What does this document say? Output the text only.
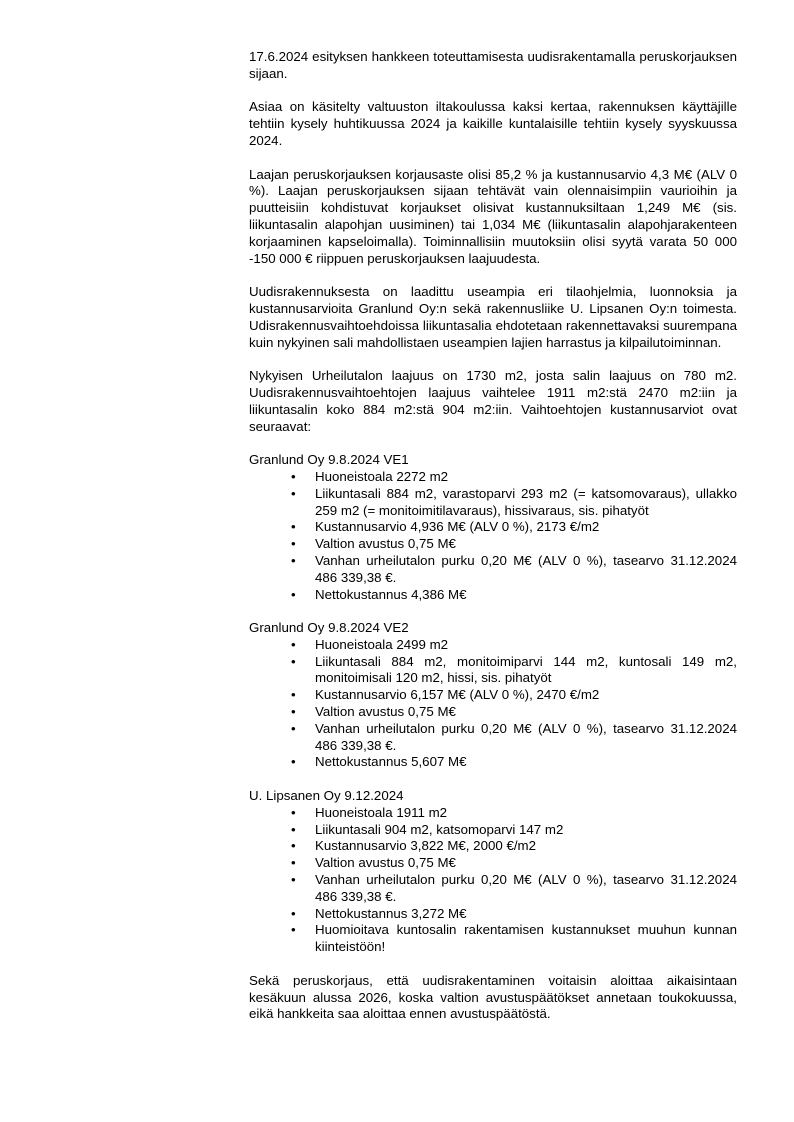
17.6.2024 esityksen hankkeen toteuttamisesta uudisrakentamalla peruskorjauksen sijaan.

Asiaa on käsitelty valtuuston iltakoulussa kaksi kertaa, rakennuksen käyttäjille tehtiin kysely huhtikuussa 2024 ja kaikille kuntalaisille tehtiin kysely syyskuussa 2024.

Laajan peruskorjauksen korjausaste olisi 85,2 % ja kustannusarvio 4,3 M€ (ALV 0 %). Laajan peruskorjauksen sijaan tehtävät vain olennaisimpiin vaurioihin ja puutteisiin kohdistuvat korjaukset olisivat kustannuksiltaan 1,249 M€ (sis. liikuntasalin alapohjan uusiminen) tai 1,034 M€ (liikuntasalin alapohjarakenteen korjaaminen kapseloimalla). Toiminnallisiin muutoksiin olisi syytä varata 50 000 -150 000 € riippuen peruskorjauksen laajuudesta.

Uudisrakennuksesta on laadittu useampia eri tilaohjelmia, luonnoksia ja kustannusarvioita Granlund Oy:n sekä rakennusliike U. Lipsanen Oy:n toimesta. Udisrakennusvaihtoehdoissa liikuntasalia ehdotetaan rakennettavaksi suurempana kuin nykyinen sali mahdollistaen useampien lajien harrastus ja kilpailutoiminnan.

Nykyisen Urheilutalon laajuus on 1730 m2, josta salin laajuus on 780 m2. Uudisrakennusvaihtoehtojen laajuus vaihtelee 1911 m2:stä 2470 m2:iin ja liikuntasalin koko 884 m2:stä 904 m2:iin. Vaihtoehtojen kustannusarviot ovat seuraavat:

Granlund Oy 9.8.2024 VE1
• Huoneistoala 2272 m2
• Liikuntasali 884 m2, varastoparvi 293 m2 (= katsomovaraus), ullakko 259 m2 (= monitoimitilavaraus), hissivaraus, sis. pihatyöt
• Kustannusarvio 4,936 M€ (ALV 0 %), 2173 €/m2
• Valtion avustus 0,75 M€
• Vanhan urheilutalon purku 0,20 M€ (ALV 0 %), tasearvo 31.12.2024 486 339,38 €.
• Nettokustannus 4,386 M€
Granlund Oy 9.8.2024 VE2
• Huoneistoala 2499 m2
• Liikuntasali 884 m2, monitoimiparvi 144 m2, kuntosali 149 m2, monitoimisali 120 m2, hissi, sis. pihatyöt
• Kustannusarvio 6,157 M€ (ALV 0 %), 2470 €/m2
• Valtion avustus 0,75 M€
• Vanhan urheilutalon purku 0,20 M€ (ALV 0 %), tasearvo 31.12.2024 486 339,38 €.
• Nettokustannus 5,607 M€
U. Lipsanen Oy 9.12.2024
• Huoneistoala 1911 m2
• Liikuntasali 904 m2, katsomoparvi 147 m2
• Kustannusarvio 3,822 M€, 2000 €/m2
• Valtion avustus 0,75 M€
• Vanhan urheilutalon purku 0,20 M€ (ALV 0 %), tasearvo 31.12.2024 486 339,38 €.
• Nettokustannus 3,272 M€
• Huomioitava kuntosalin rakentamisen kustannukset muuhun kunnan kiinteistöön!

Sekä peruskorjaus, että uudisrakentaminen voitaisin aloittaa aikaisintaan kesäkuun alussa 2026, koska valtion avustuspäätökset annetaan toukokuussa, eikä hankkeita saa aloittaa ennen avustuspäätöstä.
